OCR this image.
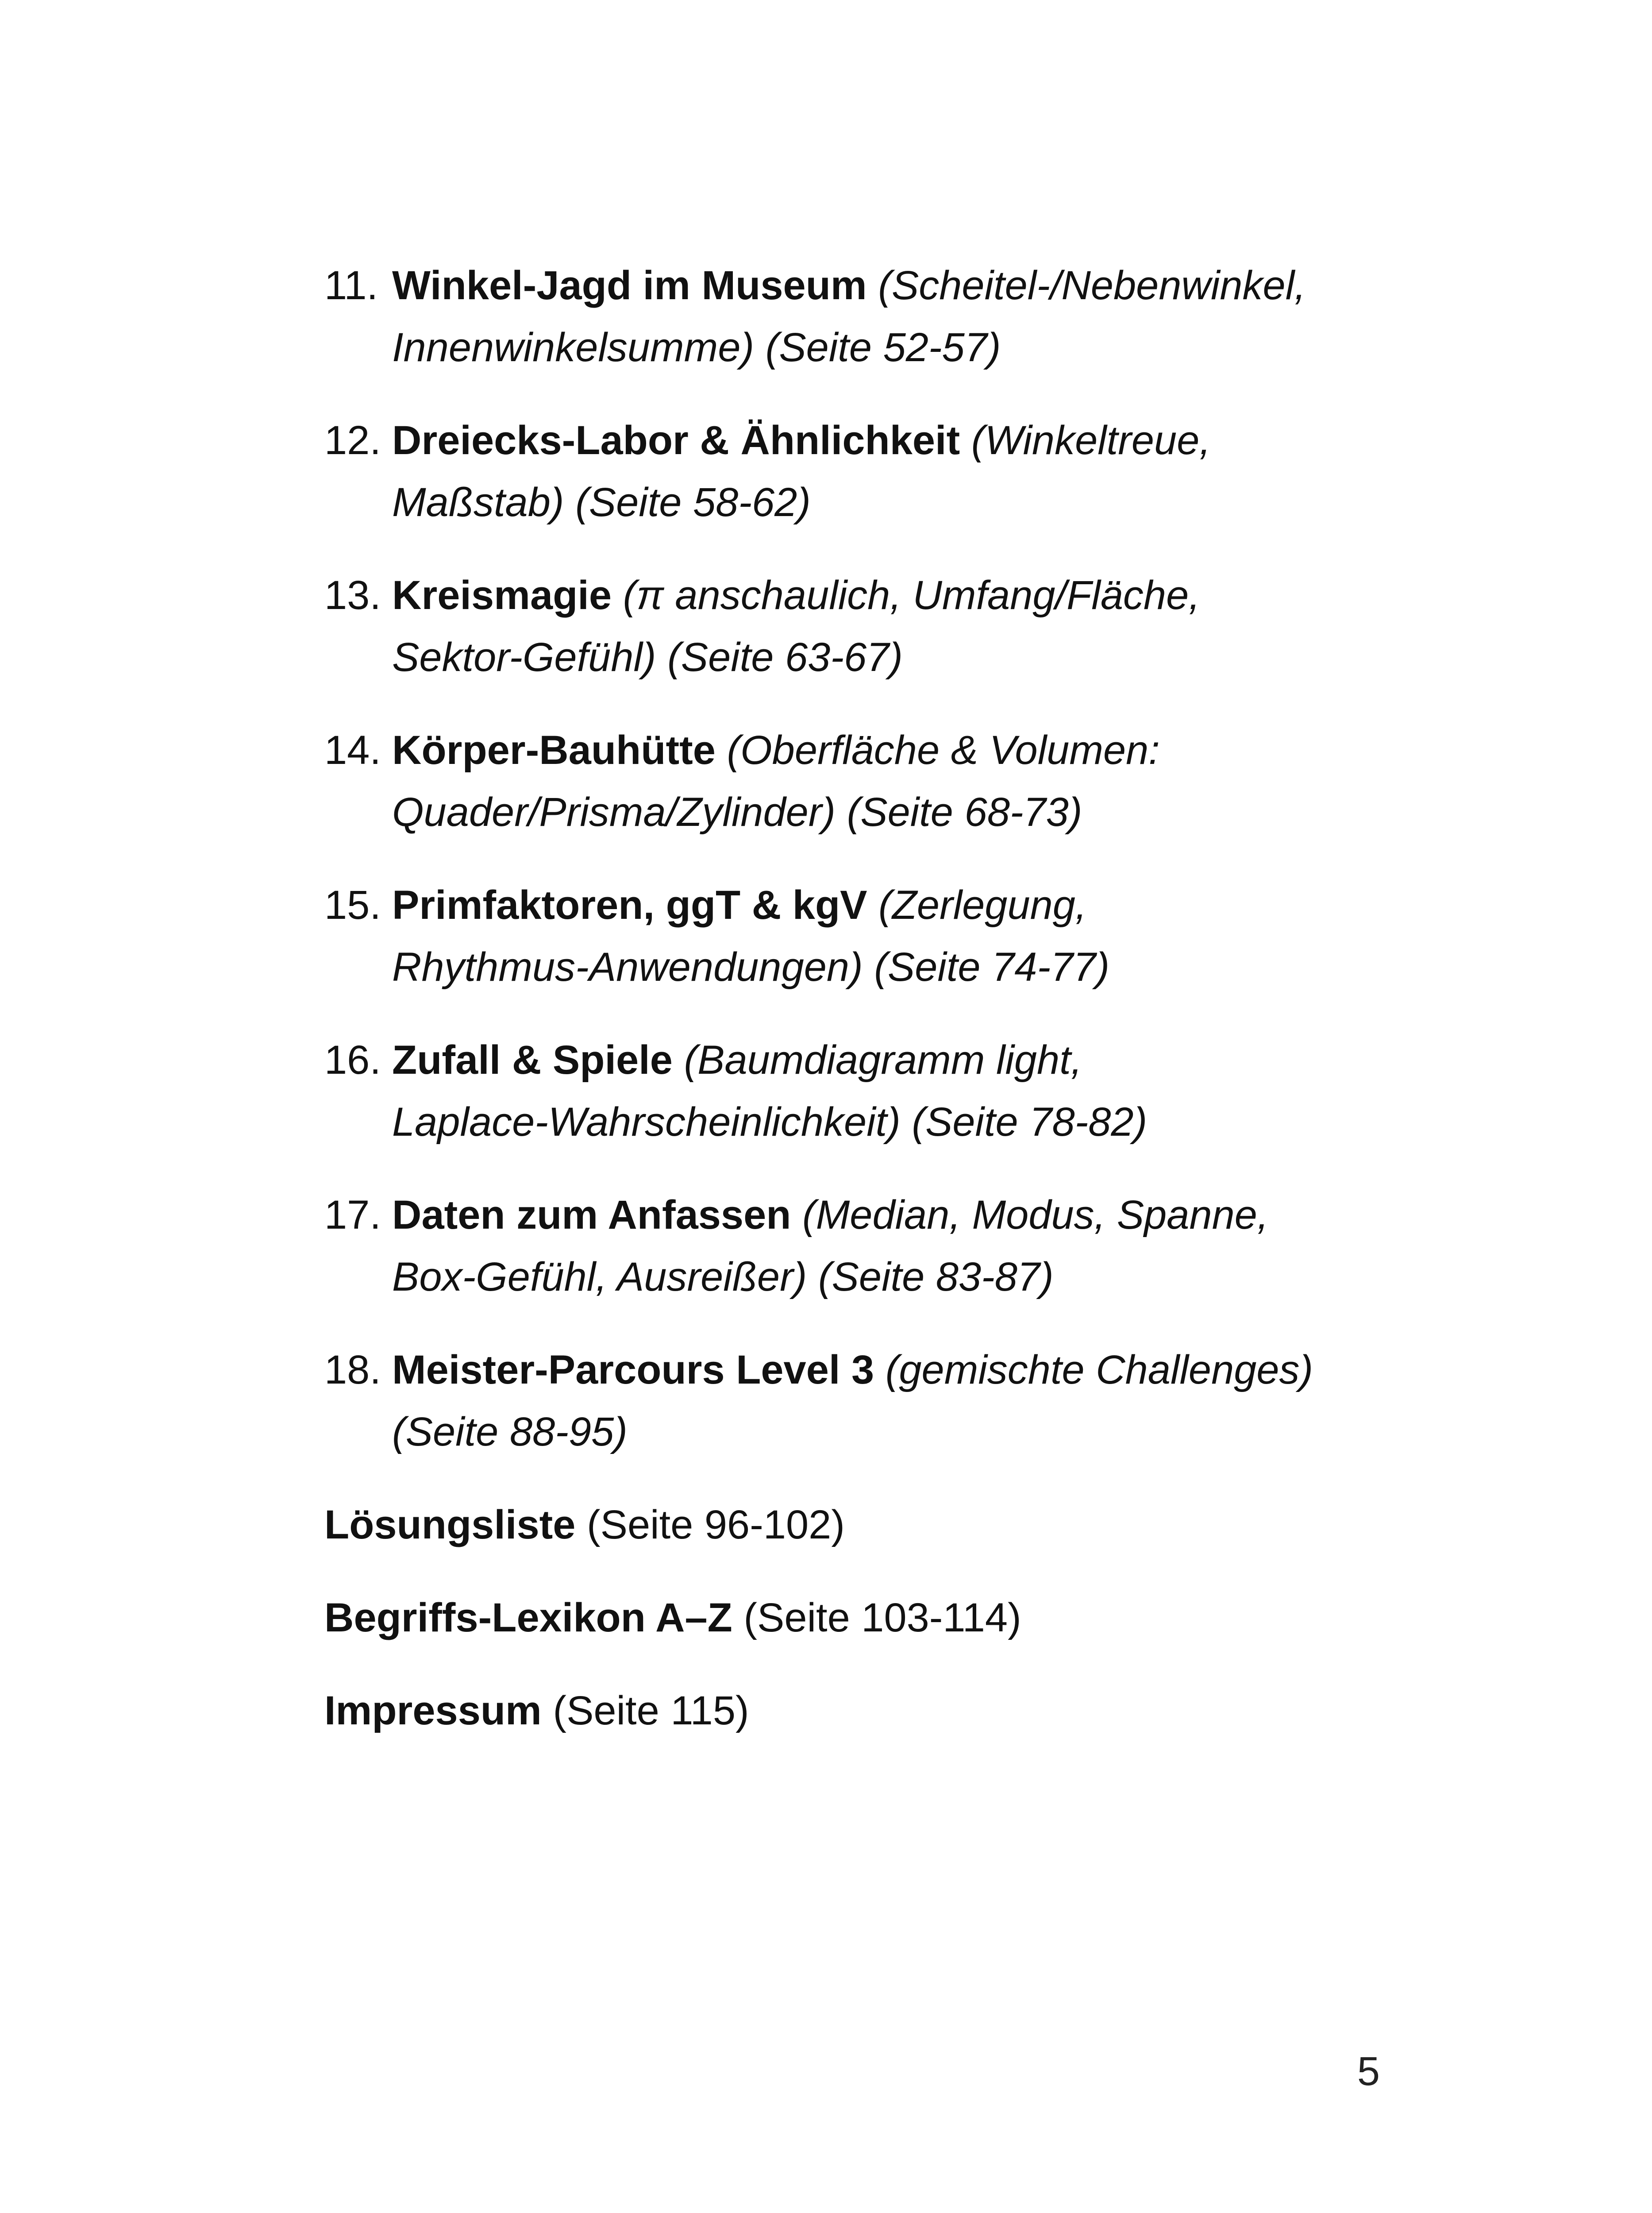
11. Winkel-Jagd im Museum (Scheitel-/Nebenwinkel,
Innenwinkelsumme) (Seite 52-57)
12. Dreiecks-Labor & Ähnlichkeit (Winkeltreue,
Maßstab) (Seite 58-62)
13. Kreismagie (π anschaulich, Umfang/Fläche,
Sektor-Gefühl) (Seite 63-67)
14. Körper-Bauhütte (Oberfläche & Volumen:
Quader/Prisma/Zylinder) (Seite 68-73)
15. Primfaktoren, ggT & kgV (Zerlegung,
Rhythmus-Anwendungen) (Seite 74-77)
16. Zufall & Spiele (Baumdiagramm light,
Laplace-Wahrscheinlichkeit) (Seite 78-82)
17. Daten zum Anfassen (Median, Modus, Spanne,
Box-Gefühl, Ausreißer) (Seite 83-87)
18. Meister-Parcours Level 3 (gemischte Challenges)
(Seite 88-95)
Lösungsliste (Seite 96-102)
Begriffs-Lexikon A–Z (Seite 103-114)
Impressum (Seite 115)
5
